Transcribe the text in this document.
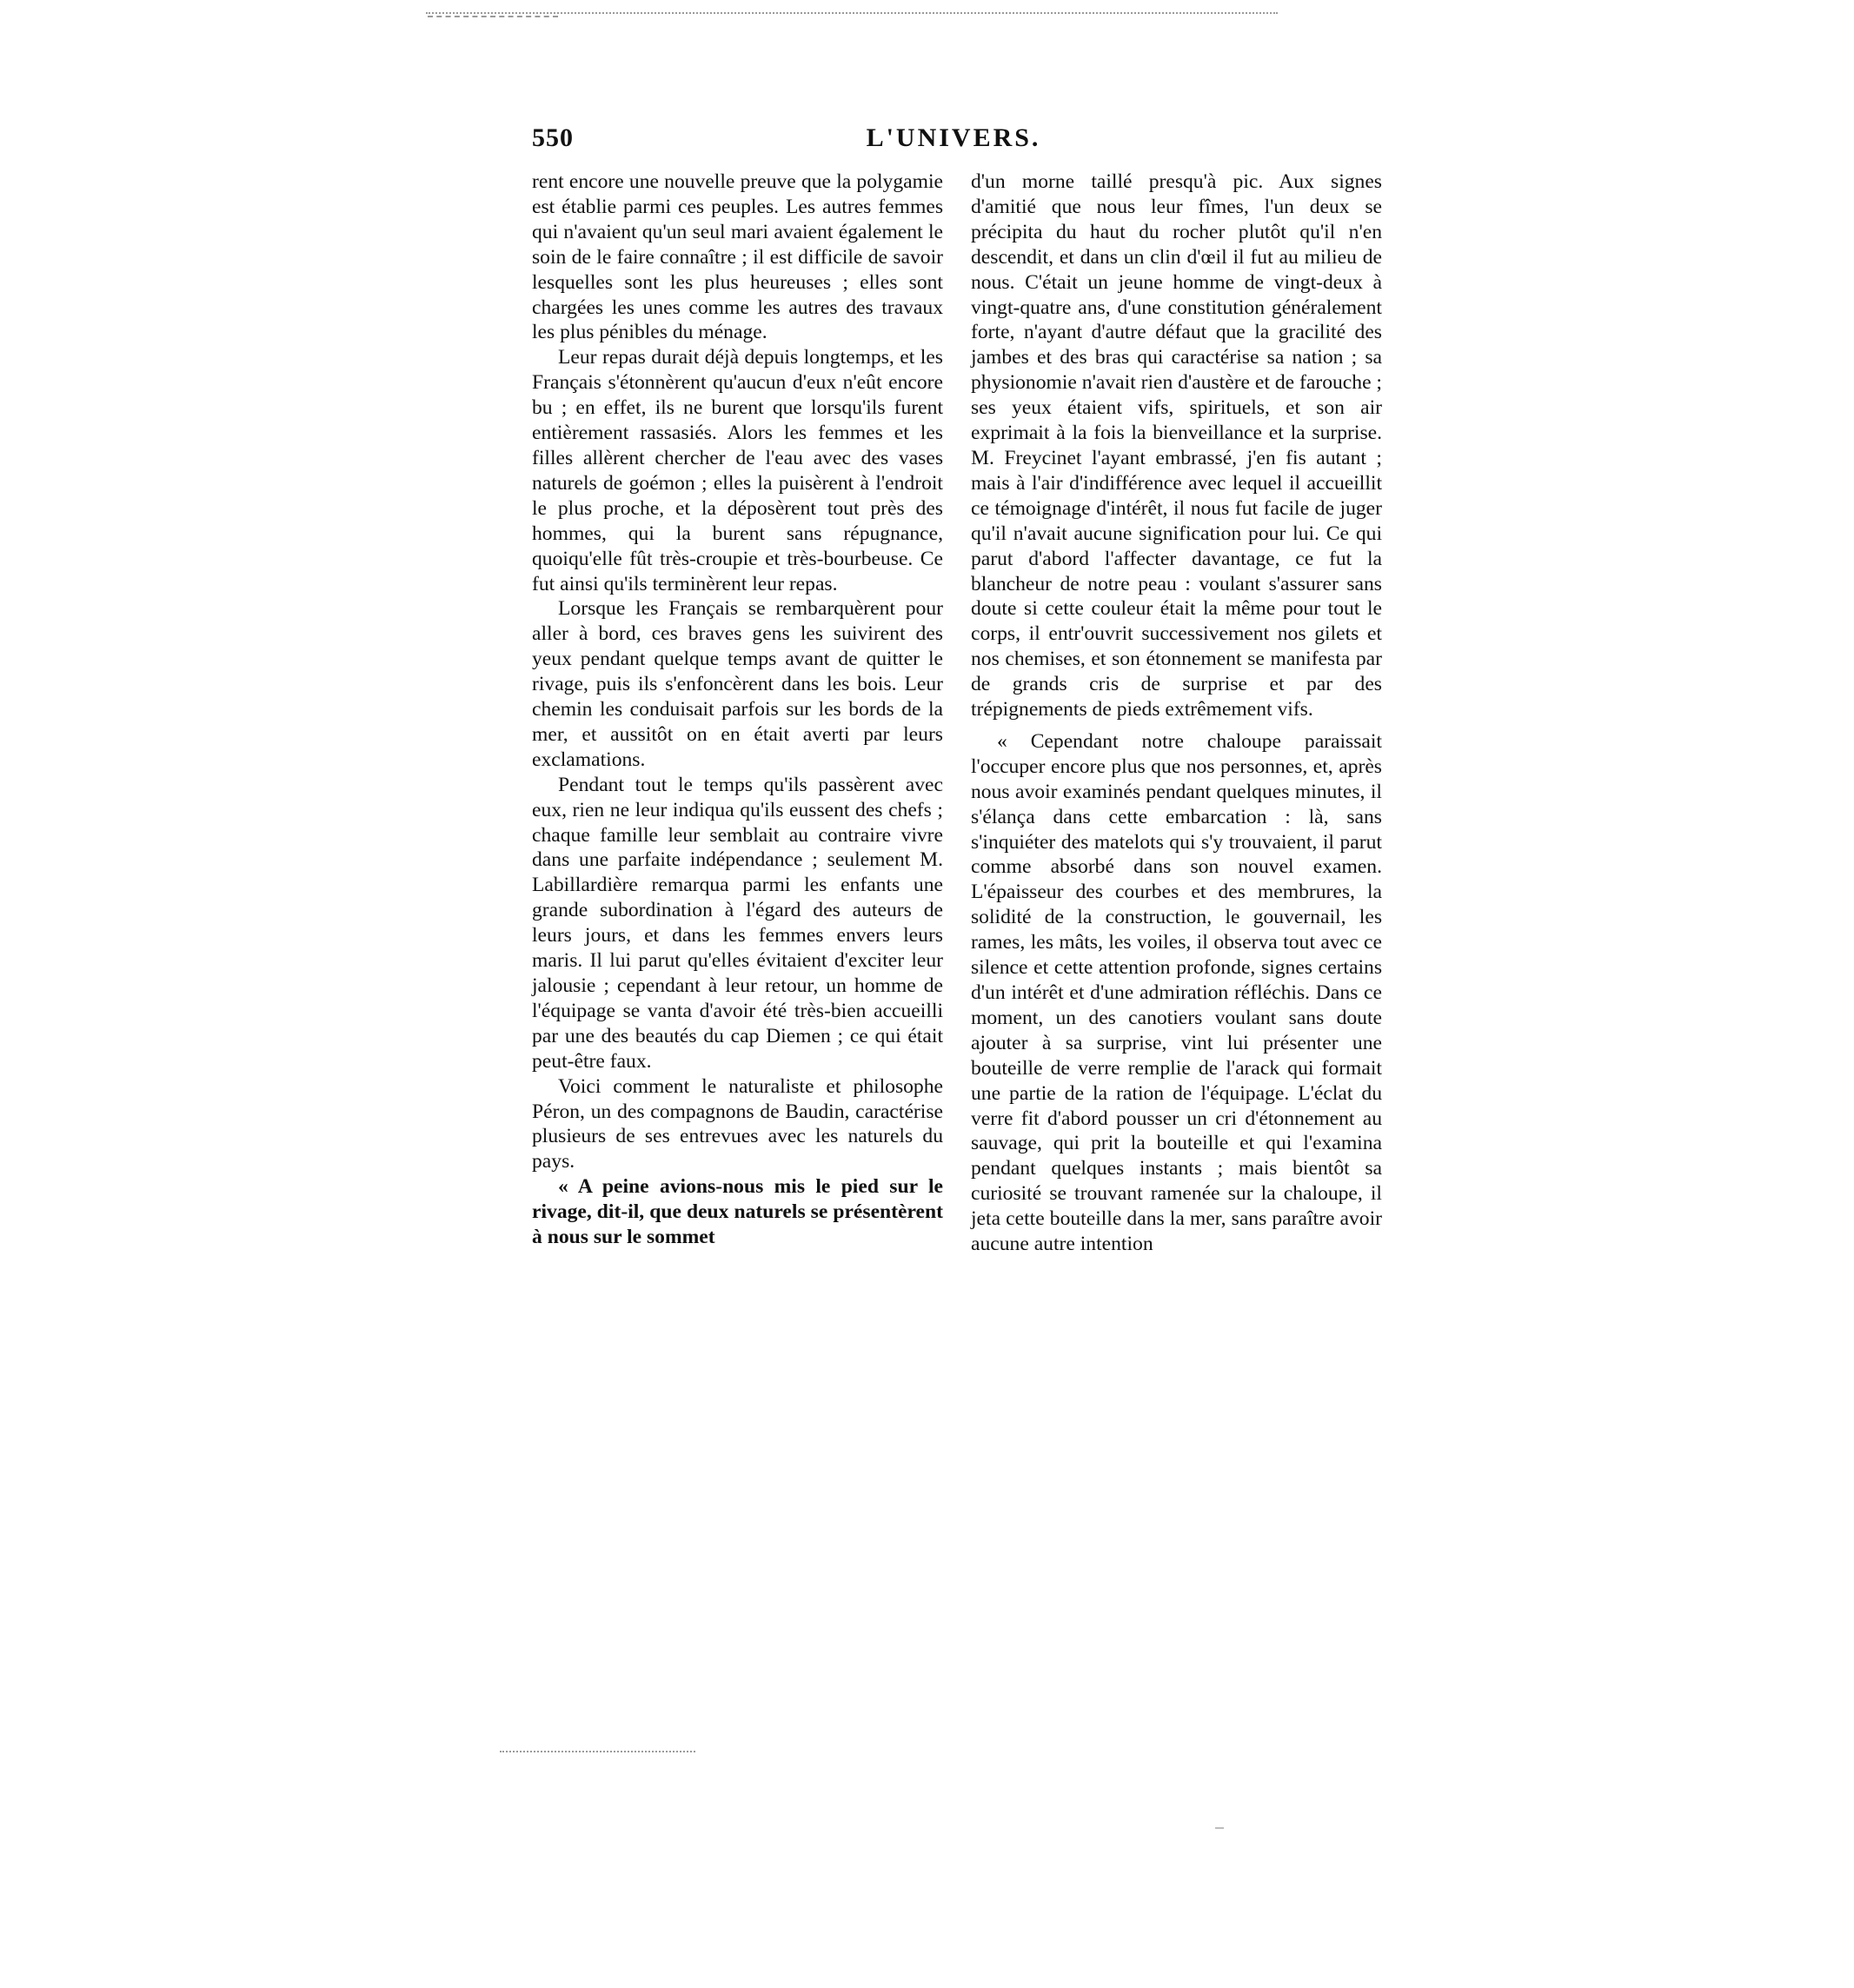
550	L'UNIVERS.

rent encore une nouvelle preuve que la polygamie est établie parmi ces peuples. Les autres femmes qui n'avaient qu'un seul mari avaient également le soin de le faire connaître ; il est difficile de savoir lesquelles sont les plus heureuses ; elles sont chargées les unes comme les autres des travaux les plus pénibles du ménage.

Leur repas durait déjà depuis longtemps, et les Français s'étonnèrent qu'aucun d'eux n'eût encore bu ; en effet, ils ne burent que lorsqu'ils furent entièrement rassasiés. Alors les femmes et les filles allèrent chercher de l'eau avec des vases naturels de goémon ; elles la puisèrent à l'endroit le plus proche, et la déposèrent tout près des hommes, qui la burent sans répugnance, quoiqu'elle fût très-croupie et très-bourbeuse. Ce fut ainsi qu'ils terminèrent leur repas.

Lorsque les Français se rembarquèrent pour aller à bord, ces braves gens les suivirent des yeux pendant quelque temps avant de quitter le rivage, puis ils s'enfoncèrent dans les bois. Leur chemin les conduisait parfois sur les bords de la mer, et aussitôt on en était averti par leurs exclamations.

Pendant tout le temps qu'ils passèrent avec eux, rien ne leur indiqua qu'ils eussent des chefs ; chaque famille leur semblait au contraire vivre dans une parfaite indépendance ; seulement M. Labillardière remarqua parmi les enfants une grande subordination à l'égard des auteurs de leurs jours, et dans les femmes envers leurs maris. Il lui parut qu'elles évitaient d'exciter leur jalousie ; cependant à leur retour, un homme de l'équipage se vanta d'avoir été très-bien accueilli par une des beautés du cap Diemen ; ce qui était peut-être faux.

Voici comment le naturaliste et philosophe Péron, un des compagnons de Baudin, caractérise plusieurs de ses entrevues avec les naturels du pays.

« A peine avions-nous mis le pied sur le rivage, dit-il, que deux naturels se présentèrent à nous sur le sommet

d'un morne taillé presqu'à pic. Aux signes d'amitié que nous leur fîmes, l'un deux se précipita du haut du rocher plutôt qu'il n'en descendit, et dans un clin d'œil il fut au milieu de nous. C'était un jeune homme de vingt-deux à vingt-quatre ans, d'une constitution généralement forte, n'ayant d'autre défaut que la gracilité des jambes et des bras qui caractérise sa nation ; sa physionomie n'avait rien d'austère et de farouche ; ses yeux étaient vifs, spirituels, et son air exprimait à la fois la bienveillance et la surprise. M. Freycinet l'ayant embrassé, j'en fis autant ; mais à l'air d'indifférence avec lequel il accueillit ce témoignage d'intérêt, il nous fut facile de juger qu'il n'avait aucune signification pour lui. Ce qui parut d'abord l'affecter davantage, ce fut la blancheur de notre peau : voulant s'assurer sans doute si cette couleur était la même pour tout le corps, il entr'ouvrit successivement nos gilets et nos chemises, et son étonnement se manifesta par de grands cris de surprise et par des trépignements de pieds extrêmement vifs.

« Cependant notre chaloupe paraissait l'occuper encore plus que nos personnes, et, après nous avoir examinés pendant quelques minutes, il s'élança dans cette embarcation : là, sans s'inquiéter des matelots qui s'y trouvaient, il parut comme absorbé dans son nouvel examen. L'épaisseur des courbes et des membrures, la solidité de la construction, le gouvernail, les rames, les mâts, les voiles, il observa tout avec ce silence et cette attention profonde, signes certains d'un intérêt et d'une admiration réfléchis. Dans ce moment, un des canotiers voulant sans doute ajouter à sa surprise, vint lui présenter une bouteille de verre remplie de l'arack qui formait une partie de la ration de l'équipage. L'éclat du verre fit d'abord pousser un cri d'étonnement au sauvage, qui prit la bouteille et qui l'examina pendant quelques instants ; mais bientôt sa curiosité se trouvant ramenée sur la chaloupe, il jeta cette bouteille dans la mer, sans paraître avoir aucune autre intention
